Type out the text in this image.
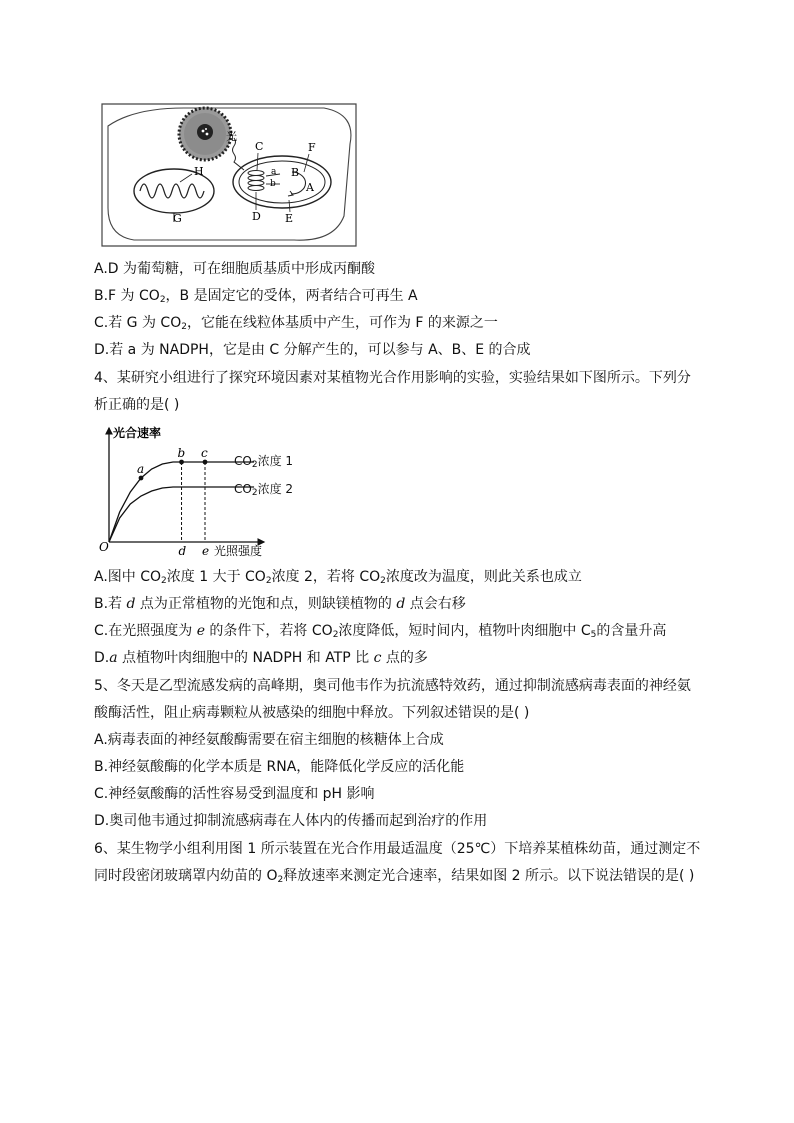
H
G
光
C	F
a
b
B
A
D E
A.D 为葡萄糖，可在细胞质基质中形成丙酮酸
B.F 为 $CO_2$，B 是固定它的受体，两者结合可再生 A
C.若 G 为 $CO_2$，它能在线粒体基质中产生，可作为 F 的来源之一
D.若 a 为 NADPH，它是由 C 分解产生的，可以参与 A、B、E 的合成
4、某研究小组进行了探究环境因素对某植物光合作用影响的实验，实验结果如下图所示。下列分
析正确的是( )
光合速率
光照强度
O	d e
a
b c
$CO_2$浓度 1
$CO_2$浓度 2
A.图中 $CO_2$浓度 1 大于 $CO_2$浓度 2，若将 $CO_2$浓度改为温度，则此关系也成立
B.若 d 点为正常植物的光饱和点，则缺镁植物的 d 点会右移
C.在光照强度为 e 的条件下，若将 $CO_2$浓度降低，短时间内，植物叶肉细胞中 $C_5$的含量升高
D.a 点植物叶肉细胞中的 NADPH 和 ATP 比 c 点的多
5、冬天是乙型流感发病的高峰期，奥司他韦作为抗流感特效药，通过抑制流感病毒表面的神经氨
酸酶活性，阻止病毒颗粒从被感染的细胞中释放。下列叙述错误的是( )
A.病毒表面的神经氨酸酶需要在宿主细胞的核糖体上合成
B.神经氨酸酶的化学本质是 RNA，能降低化学反应的活化能
C.神经氨酸酶的活性容易受到温度和 pH 影响
D.奥司他韦通过抑制流感病毒在人体内的传播而起到治疗的作用
6、某生物学小组利用图 1 所示装置在光合作用最适温度（25℃）下培养某植株幼苗，通过测定不
同时段密闭玻璃罩内幼苗的 $O_2$释放速率来测定光合速率，结果如图 2 所示。以下说法错误的是( )
